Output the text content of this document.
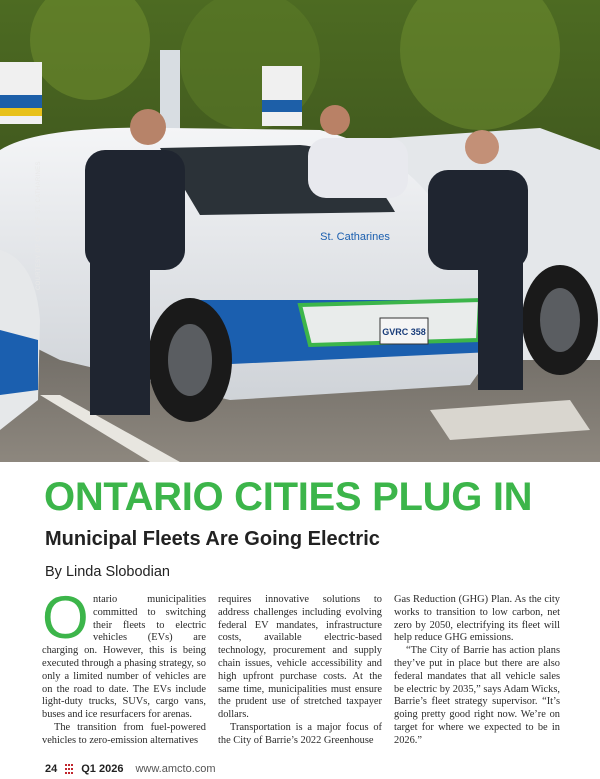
GVRC 358
St. Catharines
COURTESY OF CITY OF ST. CATHARINES
ONTARIO CITIES PLUG IN
Municipal Fleets Are Going Electric
By Linda Slobodian

Ontario municipalities committed to switching their fleets to electric vehicles (EVs) are charging on. However, this is being executed through a phasing strategy, so only a limited number of vehicles are on the road to date. The EVs include light-duty trucks, SUVs, cargo vans, buses and ice resurfacers for arenas.

The transition from fuel-powered vehicles to zero-emission alternatives

requires innovative solutions to address challenges including evolving federal EV mandates, infrastructure costs, available electric-based technology, procurement and supply chain issues, vehicle accessibility and high upfront purchase costs. At the same time, municipalities must ensure the prudent use of stretched taxpayer dollars.

Transportation is a major focus of the City of Barrie’s 2022 Greenhouse

Gas Reduction (GHG) Plan. As the city works to transition to low carbon, net zero by 2050, electrifying its fleet will help reduce GHG emissions.

“The City of Barrie has action plans they’ve put in place but there are also federal mandates that all vehicle sales be electric by 2035,” says Adam Wicks, Barrie’s fleet strategy supervisor. “It’s going pretty good right now. We’re on target for where we expected to be in 2026.”

24 Q1 2026 www.amcto.com
